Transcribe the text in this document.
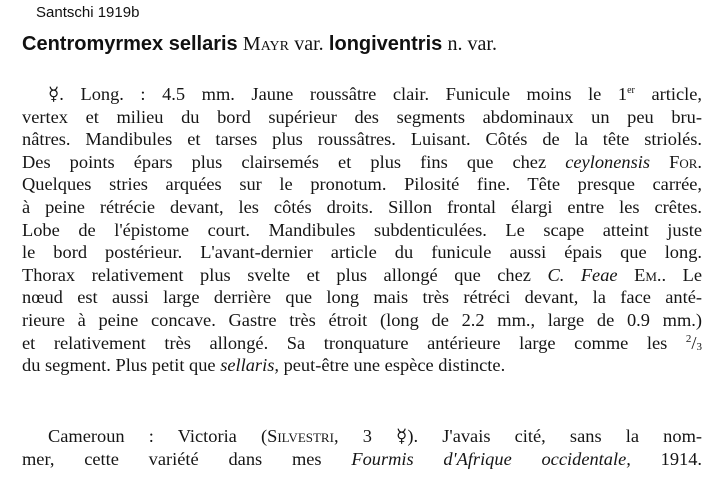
Santschi 1919b
Centromyrmex sellaris Mayr var. longiventris n. var.
☿. Long. : 4.5 mm. Jaune roussâtre clair. Funicule moins le 1er article,
vertex et milieu du bord supérieur des segments abdominaux un peu bru-
nâtres. Mandibules et tarses plus roussâtres. Luisant. Côtés de la tête striolés.
Des points épars plus clairsemés et plus fins que chez ceylonensis For.
Quelques stries arquées sur le pronotum. Pilosité fine. Tête presque carrée,
à peine rétrécie devant, les côtés droits. Sillon frontal élargi entre les crêtes.
Lobe de l'épistome court. Mandibules subdenticulées. Le scape atteint juste
le bord postérieur. L'avant-dernier article du funicule aussi épais que long.
Thorax relativement plus svelte et plus allongé que chez C. Feae Em.. Le
nœud est aussi large derrière que long mais très rétréci devant, la face anté-
rieure à peine concave. Gastre très étroit (long de 2.2 mm., large de 0.9 mm.)
et relativement très allongé. Sa tronquature antérieure large comme les $^2$/3
du segment. Plus petit que sellaris, peut-être une espèce distincte.
Cameroun : Victoria (Silvestri, 3 ☿). J'avais cité, sans la nom-
mer, cette variété dans mes Fourmis d'Afrique occidentale, 1914.
